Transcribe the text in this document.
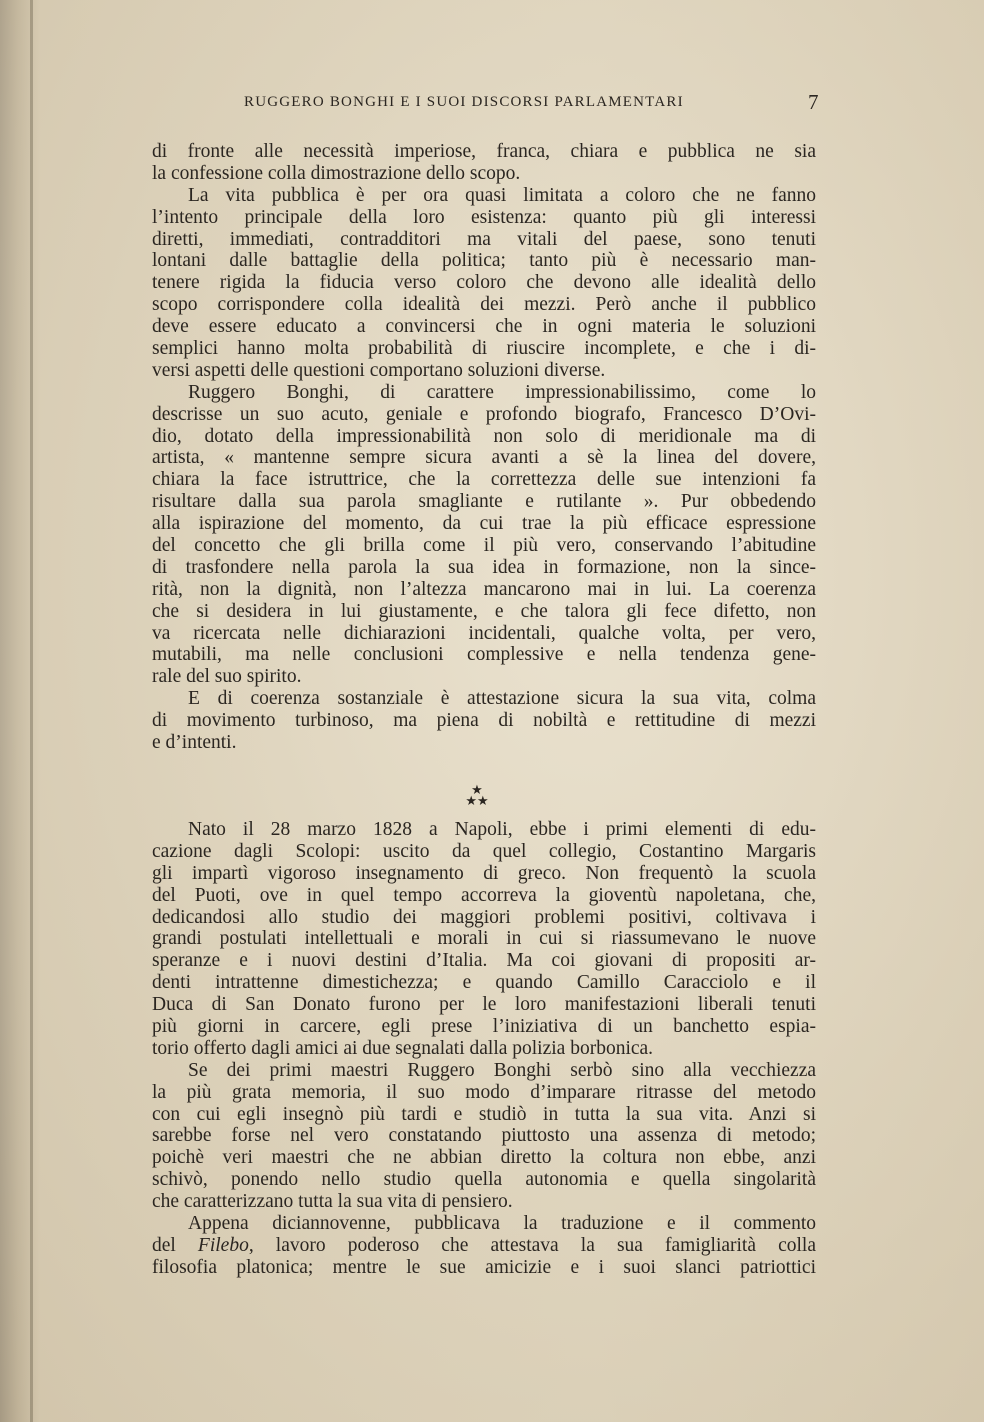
RUGGERO BONGHI E I SUOI DISCORSI PARLAMENTARI	7
di fronte alle necessità imperiose, franca, chiara e pubblica ne sia
la confessione colla dimostrazione dello scopo.
La vita pubblica è per ora quasi limitata a coloro che ne fanno
l’intento principale della loro esistenza: quanto più gli interessi
diretti, immediati, contradditori ma vitali del paese, sono tenuti
lontani dalle battaglie della politica; tanto più è necessario man-
tenere rigida la fiducia verso coloro che devono alle idealità dello
scopo corrispondere colla idealità dei mezzi. Però anche il pubblico
deve essere educato a convincersi che in ogni materia le soluzioni
semplici hanno molta probabilità di riuscire incomplete, e che i di-
versi aspetti delle questioni comportano soluzioni diverse.
Ruggero Bonghi, di carattere impressionabilissimo, come lo
descrisse un suo acuto, geniale e profondo biografo, Francesco D’Ovi-
dio, dotato della impressionabilità non solo di meridionale ma di
artista, « mantenne sempre sicura avanti a sè la linea del dovere,
chiara la face istruttrice, che la correttezza delle sue intenzioni fa
risultare dalla sua parola smagliante e rutilante ». Pur obbedendo
alla ispirazione del momento, da cui trae la più efficace espressione
del concetto che gli brilla come il più vero, conservando l’abitudine
di trasfondere nella parola la sua idea in formazione, non la since-
rità, non la dignità, non l’altezza mancarono mai in lui. La coerenza
che si desidera in lui giustamente, e che talora gli fece difetto, non
va ricercata nelle dichiarazioni incidentali, qualche volta, per vero,
mutabili, ma nelle conclusioni complessive e nella tendenza gene-
rale del suo spirito.
E di coerenza sostanziale è attestazione sicura la sua vita, colma
di movimento turbinoso, ma piena di nobiltà e rettitudine di mezzi
e d’intenti.
★
★★
Nato il 28 marzo 1828 a Napoli, ebbe i primi elementi di edu-
cazione dagli Scolopi: uscito da quel collegio, Costantino Margaris
gli impartì vigoroso insegnamento di greco. Non frequentò la scuola
del Puoti, ove in quel tempo accorreva la gioventù napoletana, che,
dedicandosi allo studio dei maggiori problemi positivi, coltivava i
grandi postulati intellettuali e morali in cui si riassumevano le nuove
speranze e i nuovi destini d’Italia. Ma coi giovani di propositi ar-
denti intrattenne dimestichezza; e quando Camillo Caracciolo e il
Duca di San Donato furono per le loro manifestazioni liberali tenuti
più giorni in carcere, egli prese l’iniziativa di un banchetto espia-
torio offerto dagli amici ai due segnalati dalla polizia borbonica.
Se dei primi maestri Ruggero Bonghi serbò sino alla vecchiezza
la più grata memoria, il suo modo d’imparare ritrasse del metodo
con cui egli insegnò più tardi e studiò in tutta la sua vita. Anzi si
sarebbe forse nel vero constatando piuttosto una assenza di metodo;
poichè veri maestri che ne abbian diretto la coltura non ebbe, anzi
schivò, ponendo nello studio quella autonomia e quella singolarità
che caratterizzano tutta la sua vita di pensiero.
Appena diciannovenne, pubblicava la traduzione e il commento
del Filebo, lavoro poderoso che attestava la sua famigliarità colla
filosofia platonica; mentre le sue amicizie e i suoi slanci patriottici
